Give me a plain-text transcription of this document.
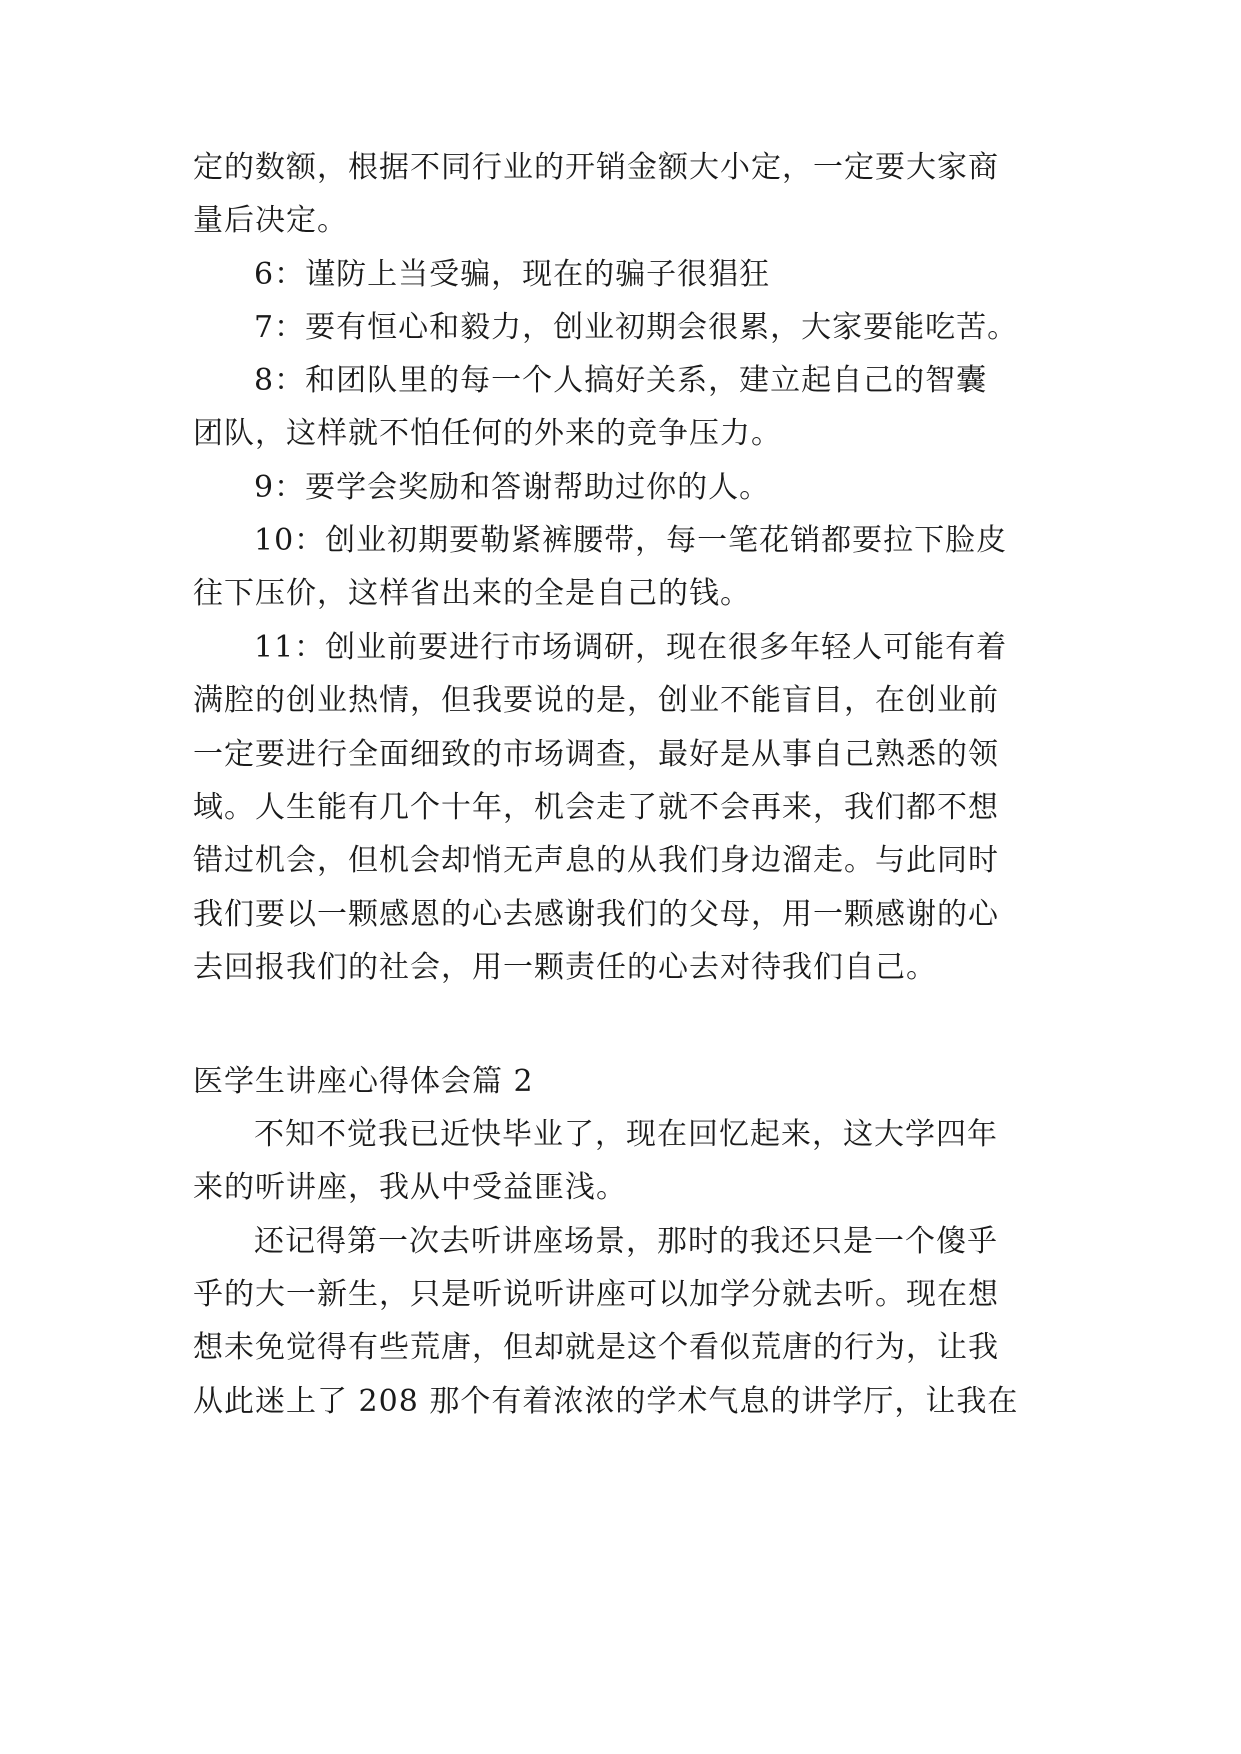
定的数额，根据不同行业的开销金额大小定，一定要大家商

量后决定。

6：谨防上当受骗，现在的骗子很猖狂

7：要有恒心和毅力，创业初期会很累，大家要能吃苦。

8：和团队里的每一个人搞好关系，建立起自己的智囊

团队，这样就不怕任何的外来的竞争压力。

9：要学会奖励和答谢帮助过你的人。

10：创业初期要勒紧裤腰带，每一笔花销都要拉下脸皮

往下压价，这样省出来的全是自己的钱。

11：创业前要进行市场调研，现在很多年轻人可能有着

满腔的创业热情，但我要说的是，创业不能盲目，在创业前

一定要进行全面细致的市场调查，最好是从事自己熟悉的领

域。人生能有几个十年，机会走了就不会再来，我们都不想

错过机会，但机会却悄无声息的从我们身边溜走。与此同时

我们要以一颗感恩的心去感谢我们的父母，用一颗感谢的心

去回报我们的社会，用一颗责任的心去对待我们自己。

医学生讲座心得体会篇 2

不知不觉我已近快毕业了，现在回忆起来，这大学四年

来的听讲座，我从中受益匪浅。

还记得第一次去听讲座场景，那时的我还只是一个傻乎

乎的大一新生，只是听说听讲座可以加学分就去听。现在想

想未免觉得有些荒唐，但却就是这个看似荒唐的行为，让我

从此迷上了 208 那个有着浓浓的学术气息的讲学厅，让我在
